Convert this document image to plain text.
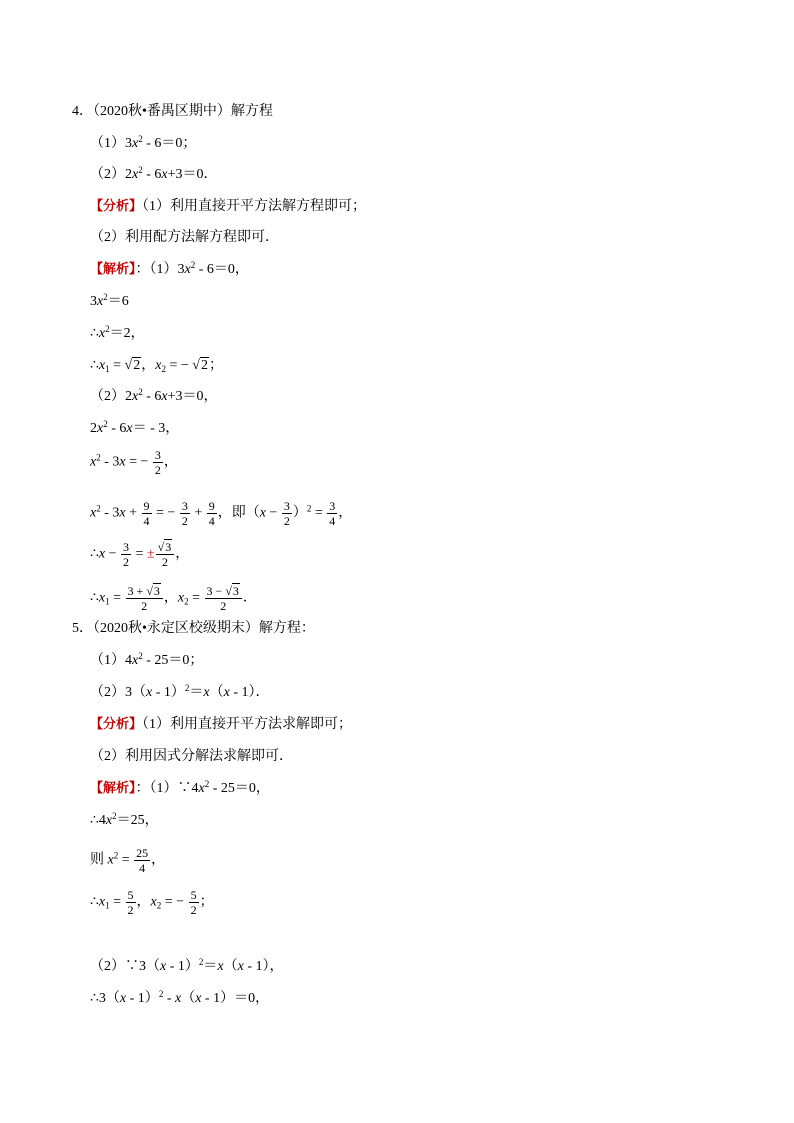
4．（2020秋•番禺区期中）解方程
$(1)3x^2 - 6=0$；
$(2)2x^2 - 6x+3=0$．
【分析】（1）利用直接开平方法解方程即可；
（2）利用配方法解方程即可．
【解析】：$(1)3x^2 - 6=0$，
$3x^2=6$
$\therefore x^2=2$，
$\therefore x_1 = √2$，$x_2$ = − √2；
$(2)2x^2 - 6x+3=0$，
$2x^2 - 6x= - 3$，
$x^2 - 3x$ = − $\frac{3}{2}$ ，
$x^2 - 3x + \frac{9}{4}$ = − $\frac{3}{2} + \frac{9}{4}$ ，即$(x - \frac{3}{2} )^2 = \frac{3}{4}$ ，
∴x − $\frac{3}{2}$ = ± $\frac{√3}{2}$ ，
$\therefore x_1 = \frac{3 + √3}{2}$ ，$x_2 = \frac{3 - √3}{2}$ ．
5．（2020秋•永定区校级期末）解方程：
$(1)4x^2 - 25=0$；
（2）3（x - 1）$^2$＝x（x - 1）．
【分析】（1）利用直接开平方法求解即可；
（2）利用因式分解法求解即可．
【解析】：$(1)\because 4x^2 - 25=0$，
$\therefore 4x^2=25$，
则 $x^2 = \frac{25}{4}$ ，
$\therefore x_1 = \frac{5}{2}$ ，$x_2$ = − $\frac{5}{2}$ ；
（2）∵3（x - 1）$^2$＝x（x - 1），
∴3（x - 1）$^2$ - x（x - 1）＝0，
